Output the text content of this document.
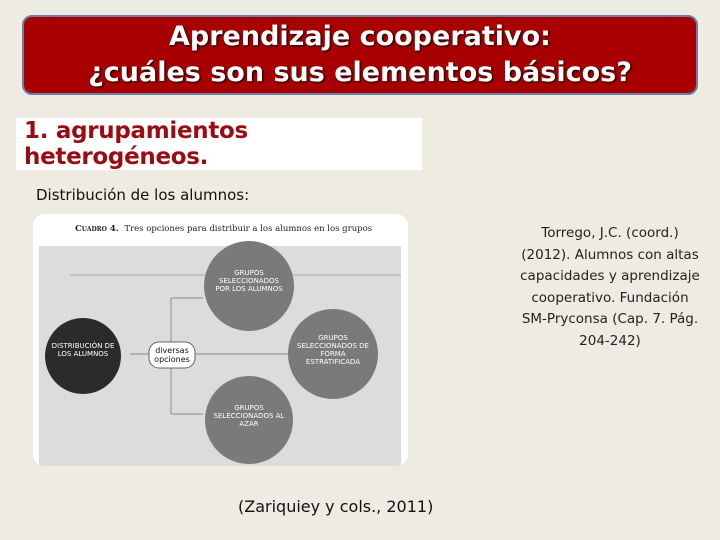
Aprendizaje cooperativo:
¿cuáles son sus elementos básicos?
1. agrupamientos heterogéneos.
Distribución de los alumnos:
Cuadro 4. Tres opciones para distribuir a los alumnos en los grupos
DISTRIBUCIÓN DE LOS ALUMNOS	diversas opciones
GRUPOS SELECCIONADOS POR LOS ALUMNOS
GRUPOS SELECCIONADOS DE FORMA ESTRATIFICADA
GRUPOS SELECCIONADOS AL AZAR
Torrego, J.C. (coord.) (2012). Alumnos con altas capacidades y aprendizaje cooperativo. Fundación SM-Pryconsa (Cap. 7. Pág. 204-242)
(Zariquiey y cols., 2011)
